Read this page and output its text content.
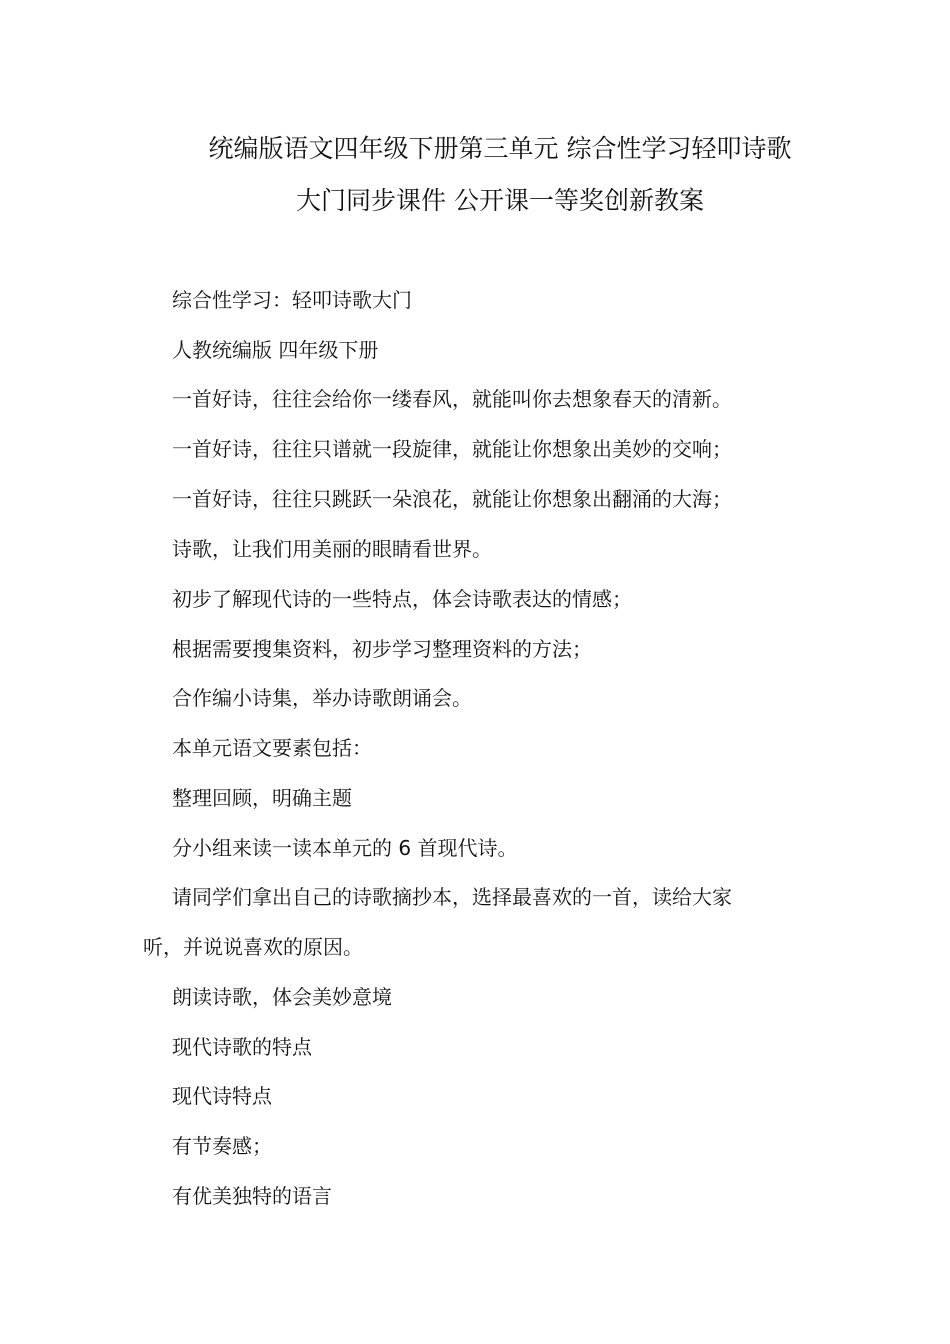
统编版语文四年级下册第三单元 综合性学习轻叩诗歌
大门同步课件 公开课一等奖创新教案

综合性学习：轻叩诗歌大门

人教统编版 四年级下册

一首好诗，往往会给你一缕春风，就能叫你去想象春天的清新。

一首好诗，往往只谱就一段旋律，就能让你想象出美妙的交响；

一首好诗，往往只跳跃一朵浪花，就能让你想象出翻涌的大海；

诗歌，让我们用美丽的眼睛看世界。

初步了解现代诗的一些特点，体会诗歌表达的情感；

根据需要搜集资料，初步学习整理资料的方法；

合作编小诗集，举办诗歌朗诵会。

本单元语文要素包括：

整理回顾，明确主题

分小组来读一读本单元的 6 首现代诗。

请同学们拿出自己的诗歌摘抄本，选择最喜欢的一首，读给大家

听，并说说喜欢的原因。

朗读诗歌，体会美妙意境

现代诗歌的特点

现代诗特点

有节奏感；

有优美独特的语言
